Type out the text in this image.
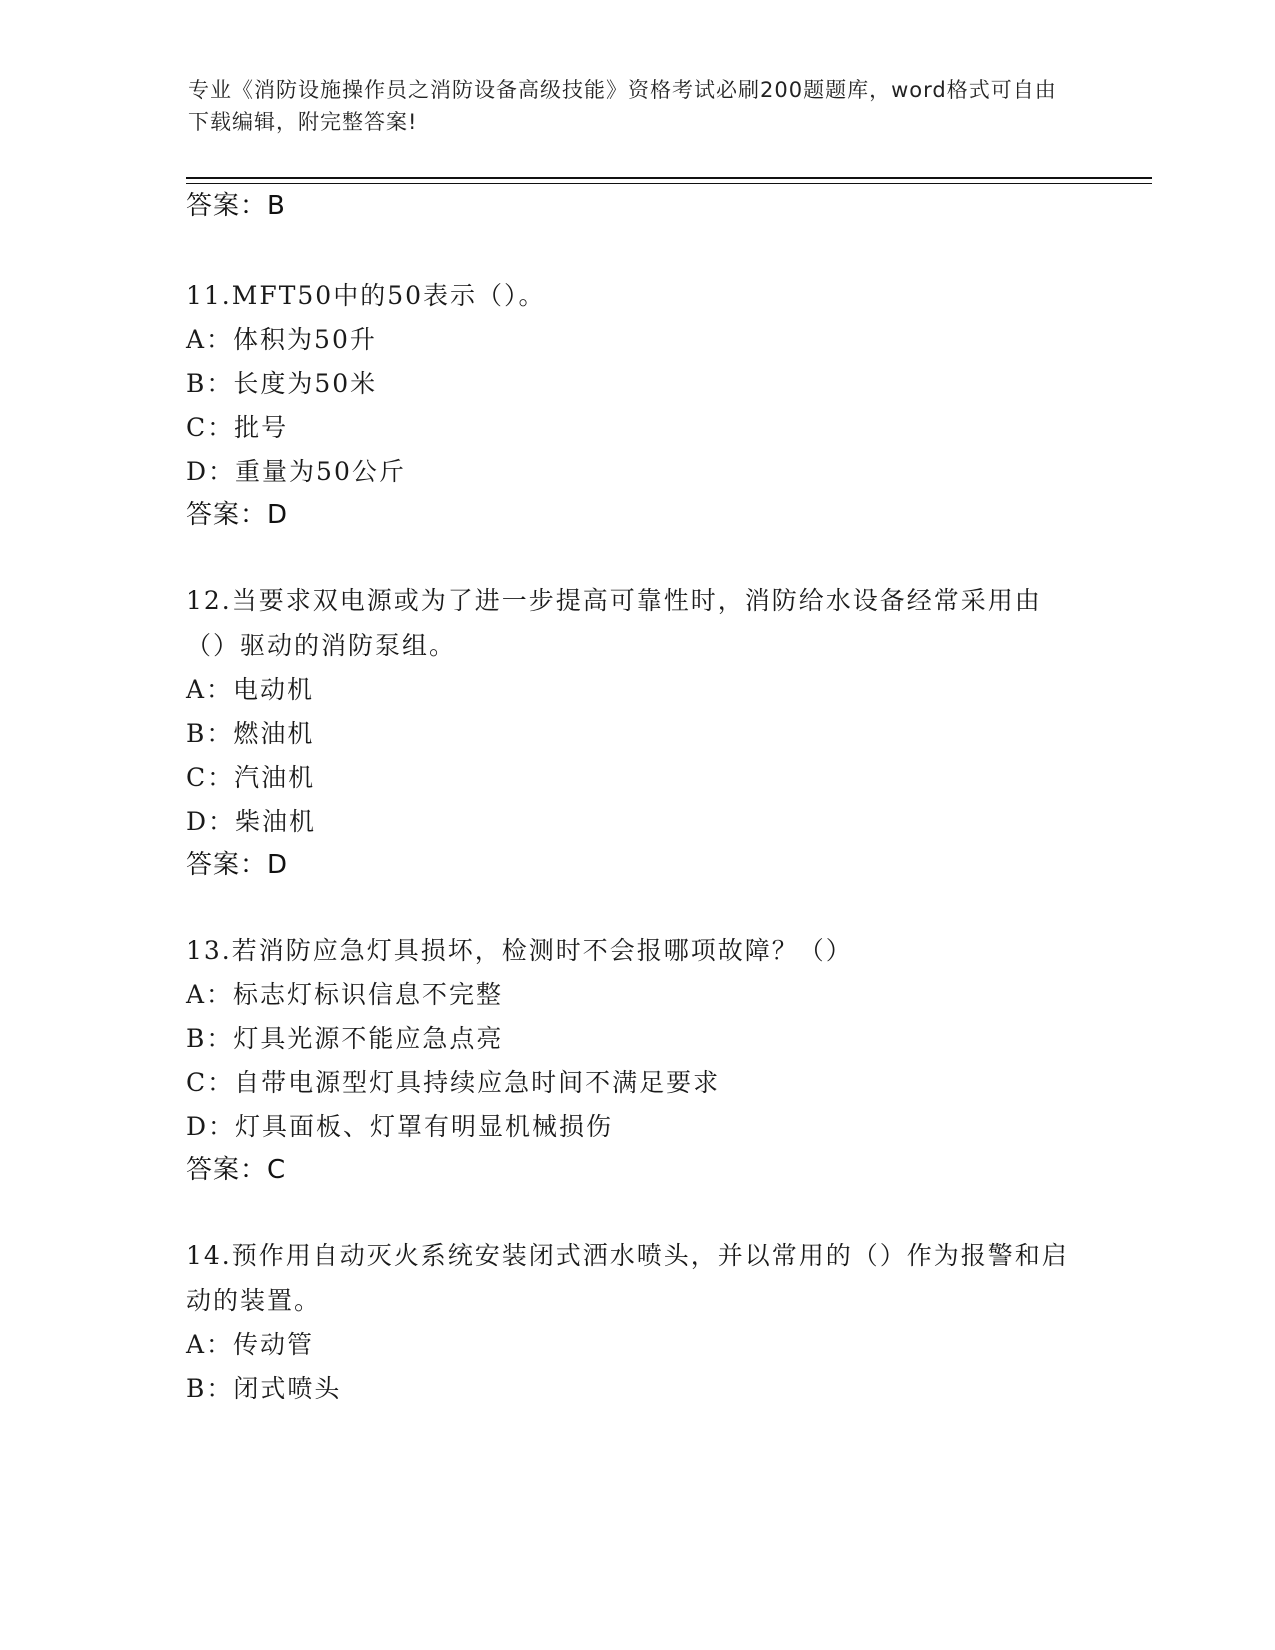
专业《消防设施操作员之消防设备高级技能》资格考试必刷200题题库，word格式可自由下载编辑，附完整答案!
答案：B
11.MFT50中的50表示（）。
A：体积为50升
B：长度为50米
C：批号
D：重量为50公斤
答案：D
12.当要求双电源或为了进一步提高可靠性时，消防给水设备经常采用由（）驱动的消防泵组。
A：电动机
B：燃油机
C：汽油机
D：柴油机
答案：D
13.若消防应急灯具损坏，检测时不会报哪项故障？（）
A：标志灯标识信息不完整
B：灯具光源不能应急点亮
C：自带电源型灯具持续应急时间不满足要求
D：灯具面板、灯罩有明显机械损伤
答案：C
14.预作用自动灭火系统安装闭式洒水喷头，并以常用的（）作为报警和启动的装置。
A：传动管
B：闭式喷头
